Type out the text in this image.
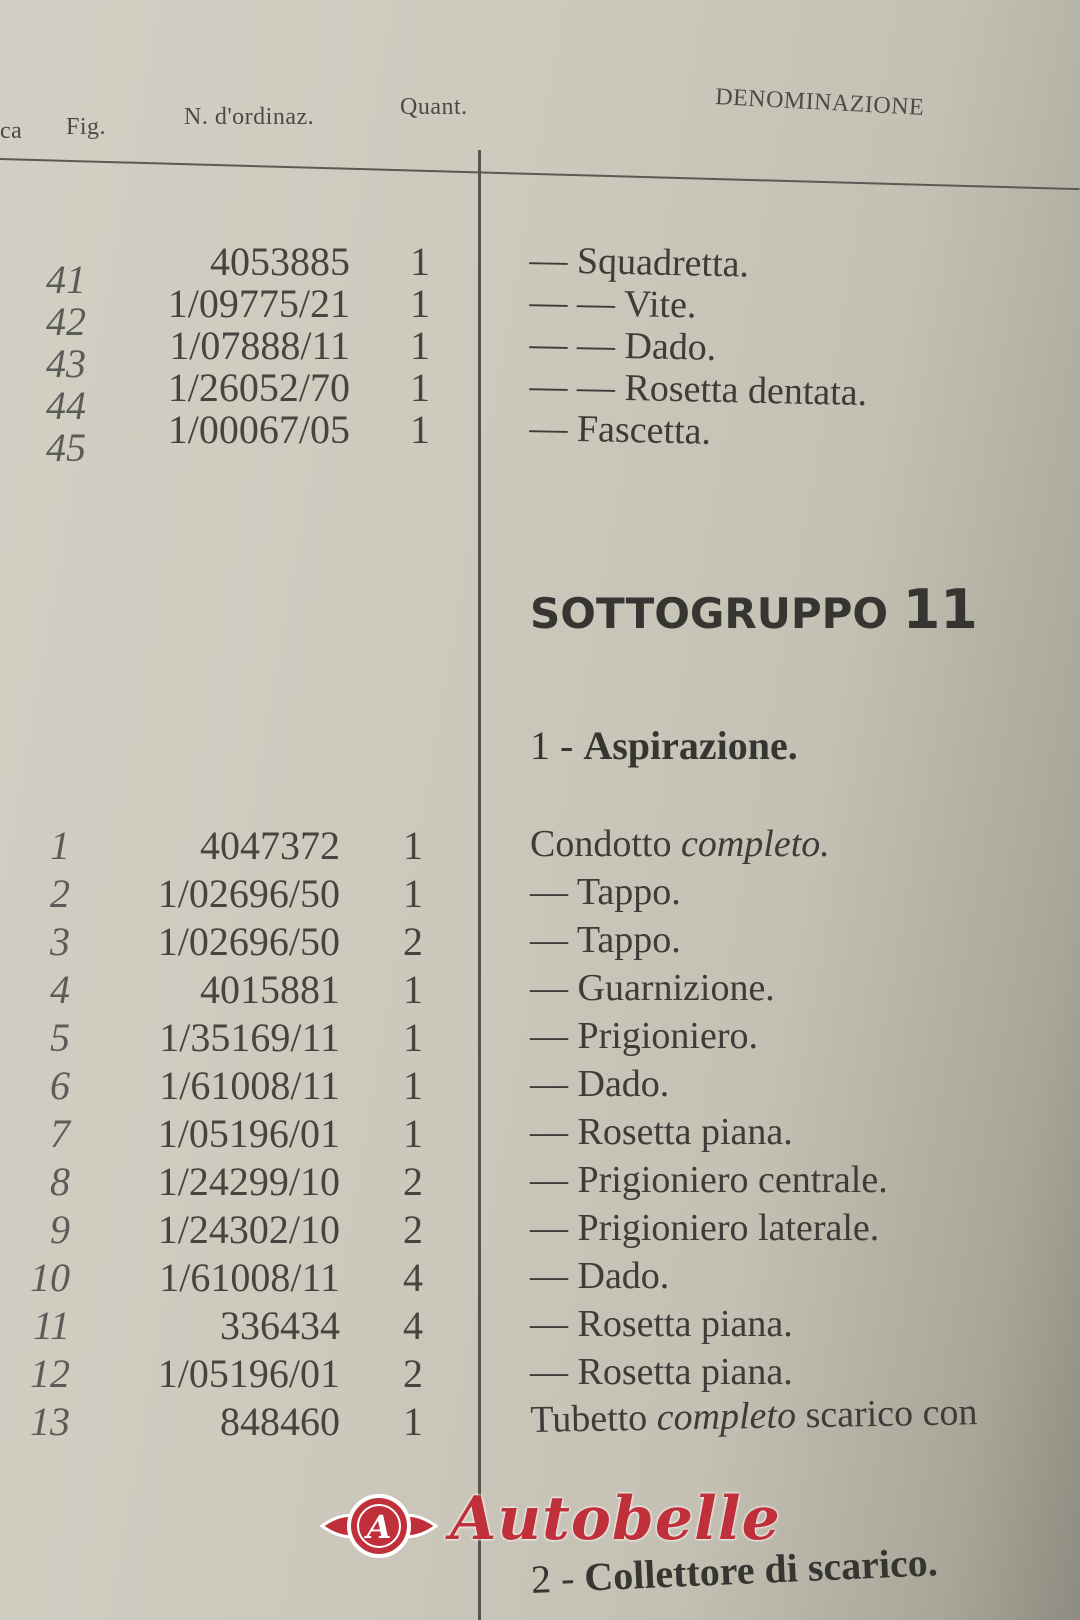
ca Fig.	N. d'ordinaz.	Quant.	DENOMINAZIONE
41	4053885	1	— Squadretta.
42	1/09775/21	1	— — Vite.
43	1/07888/11	1	— — Dado.
44	1/26052/70	1	— — Rosetta dentata.
45	1/00067/05	1	— Fascetta.
SOTTOGRUPPO 11
1 - Aspirazione.
1	4047372	1	Condotto completo.
2	1/02696/50	1	— Tappo.
3	1/02696/50	2	— Tappo.
4	4015881	1	— Guarnizione.
5	1/35169/11	1	— Prigioniero.
6	1/61008/11	1	— Dado.
7	1/05196/01	1	— Rosetta piana.
8	1/24299/10	2	— Prigioniero centrale.
9	1/24302/10	2	— Prigioniero laterale.
10	1/61008/11	4	— Dado.
11	336434	4	— Rosetta piana.
12	1/05196/01	2	— Rosetta piana.
13	848460	1	Tubetto completo scarico con
A Autobelle
2 - Collettore di scarico.
